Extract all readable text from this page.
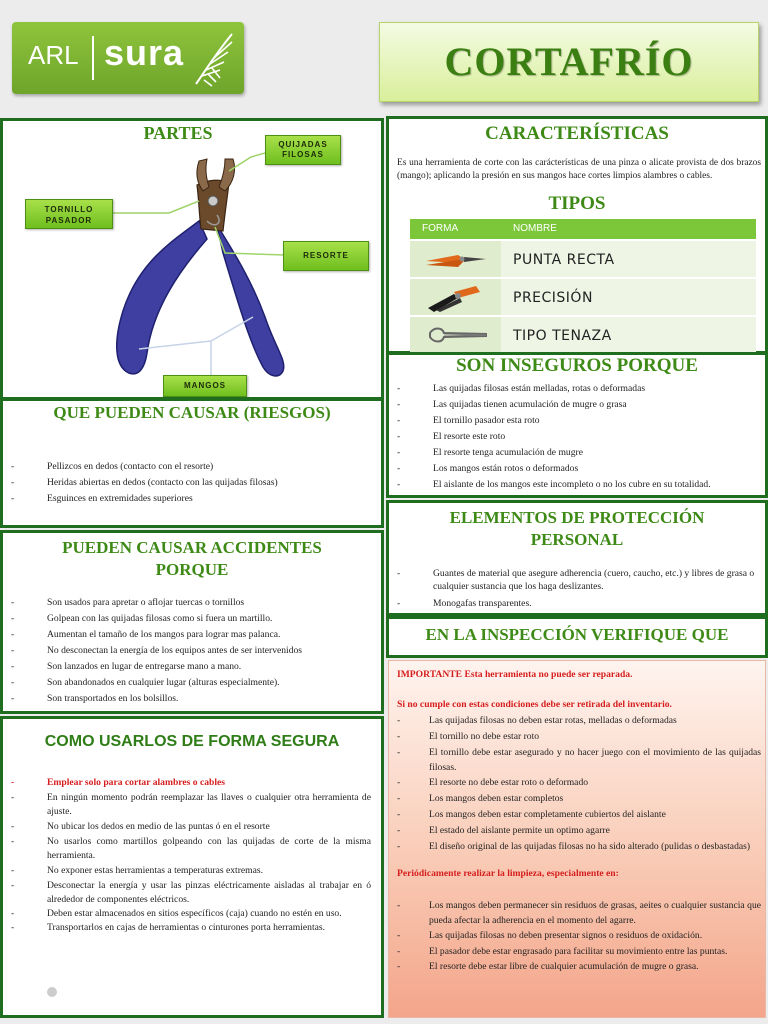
ARL sura	CORTAFRÍO
PARTES
QUIJADAS
FILOSAS
TORNILLO
PASADOR
RESORTE
MANGOS
CARACTERÍSTICAS
Es una herramienta de corte con las carácterísticas de una pinza o alicate provista de dos brazos (mango); aplicando la presión en sus mangos hace cortes limpios alambres o cables.
TIPOS
FORMA	NOMBRE
PUNTA RECTA
PRECISIÓN
TIPO TENAZA
SON INSEGUROS PORQUE
- Las quijadas filosas están melladas, rotas o deformadas
- Las quijadas tienen acumulación de mugre o grasa
- El tornillo pasador esta roto
- El resorte este roto
- El resorte tenga acumulación de mugre
- Los mangos están rotos o deformados
- El aislante de los mangos este incompleto o no los cubre en su totalidad.
QUE PUEDEN CAUSAR (RIESGOS)
- Pellizcos en dedos (contacto con el resorte)
- Heridas abiertas en dedos (contacto con las quijadas filosas)
- Esguinces en extremidades superiores
ELEMENTOS DE PROTECCIÓN
PERSONAL
- Guantes de material que asegure adherencia (cuero, caucho, etc.) y libres de grasa o cualquier sustancia que los haga deslizantes.
- Monogafas transparentes.
PUEDEN CAUSAR ACCIDENTES
PORQUE
- Son usados para apretar o aflojar tuercas o tornillos
- Golpean con las quijadas filosas como si fuera un martillo.
- Aumentan el tamaño de los mangos para lograr mas palanca.
- No desconectan la energía de los equipos antes de ser intervenidos
- Son lanzados en lugar de entregarse mano a mano.
- Son abandonados en cualquier lugar (alturas especialmente).
- Son transportados en los bolsillos.
EN LA INSPECCIÓN VERIFIQUE QUE
IMPORTANTE Esta herramienta no puede ser reparada.
Si no cumple con estas condiciones debe ser retirada del inventario.
- Las quijadas filosas no deben estar rotas, melladas o deformadas
- El tornillo no debe estar roto
- El tornillo debe estar asegurado y no hacer juego con el movimiento de las quijadas filosas.
- El resorte no debe estar roto o deformado
- Los mangos deben estar completos
- Los mangos deben estar completamente cubiertos del aislante
- El estado del aislante permite un optimo agarre
- El diseño original de las quijadas filosas no ha sido alterado (pulidas o desbastadas)
Periódicamente realizar la limpieza, especialmente en:
- Los mangos deben permanecer sin residuos de grasas, aeites o cualquier sustancia que pueda afectar la adherencia en el momento del agarre.
- Las quijadas filosas no deben presentar signos o residuos de oxidación.
- El pasador debe estar engrasado para facilitar su movimiento entre las puntas.
- El resorte debe estar libre de cualquier acumulación de mugre o grasa.
COMO USARLOS DE FORMA SEGURA
- Emplear solo para cortar alambres o cables
- En ningún momento podrán reemplazar las llaves o cualquier otra herramienta de ajuste.
- No ubicar los dedos en medio de las puntas ó en el resorte
- No usarlos como martillos golpeando con las quijadas de corte de la misma herramienta.
- No exponer estas herramientas a temperaturas extremas.
- Desconectar la energía y usar las pinzas eléctricamente aisladas al trabajar en ó alrededor de componentes eléctricos.
- Deben estar almacenados en sitios específicos (caja) cuando no estén en uso.
- Transportarlos en cajas de herramientas o cinturones porta herramientas.
